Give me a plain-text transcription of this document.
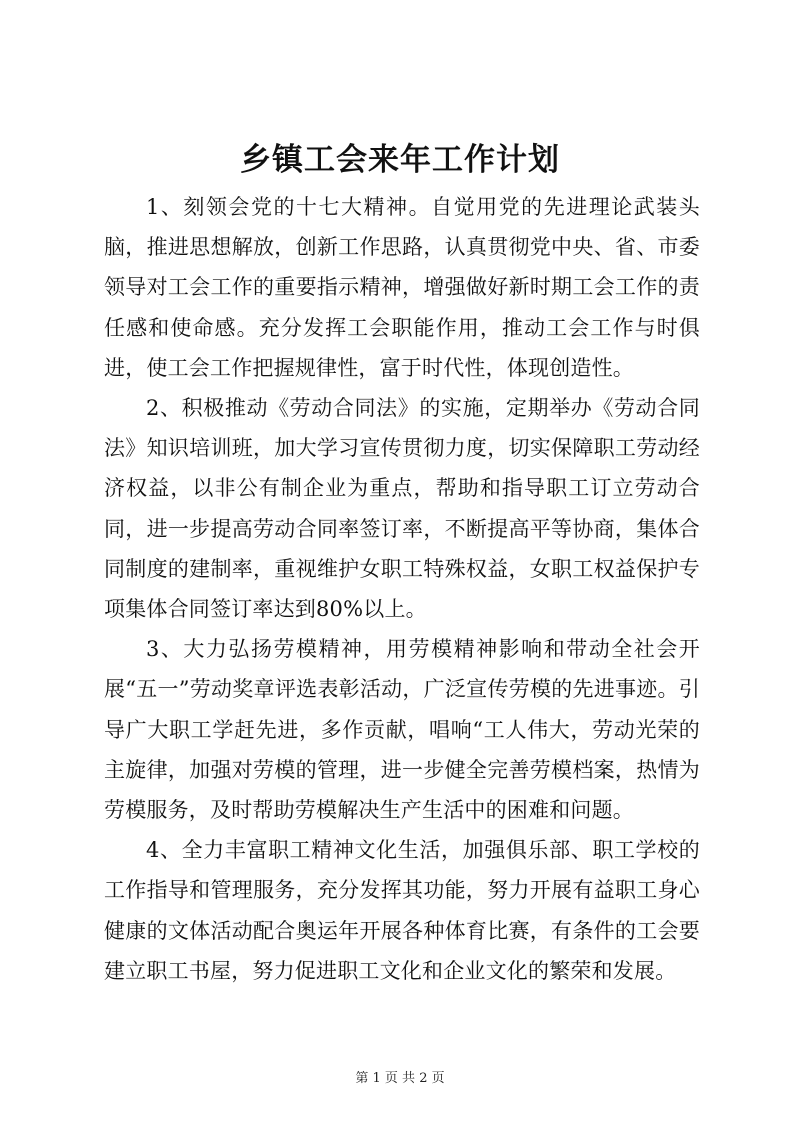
乡镇工会来年工作计划

1、刻领会党的十七大精神。自觉用党的先进理论武装头脑，推进思想解放，创新工作思路，认真贯彻党中央、省、市委领导对工会工作的重要指示精神，增强做好新时期工会工作的责任感和使命感。充分发挥工会职能作用，推动工会工作与时俱进，使工会工作把握规律性，富于时代性，体现创造性。

2、积极推动《劳动合同法》的实施，定期举办《劳动合同法》知识培训班，加大学习宣传贯彻力度，切实保障职工劳动经济权益，以非公有制企业为重点，帮助和指导职工订立劳动合同，进一步提高劳动合同率签订率，不断提高平等协商，集体合同制度的建制率，重视维护女职工特殊权益，女职工权益保护专项集体合同签订率达到80%以上。

3、大力弘扬劳模精神，用劳模精神影响和带动全社会开展“五一”劳动奖章评选表彰活动，广泛宣传劳模的先进事迹。引导广大职工学赶先进，多作贡献，唱响“工人伟大，劳动光荣的主旋律，加强对劳模的管理，进一步健全完善劳模档案，热情为劳模服务，及时帮助劳模解决生产生活中的困难和问题。

4、全力丰富职工精神文化生活，加强俱乐部、职工学校的工作指导和管理服务，充分发挥其功能，努力开展有益职工身心健康的文体活动配合奥运年开展各种体育比赛，有条件的工会要建立职工书屋，努力促进职工文化和企业文化的繁荣和发展。

第 1 页 共 2 页
